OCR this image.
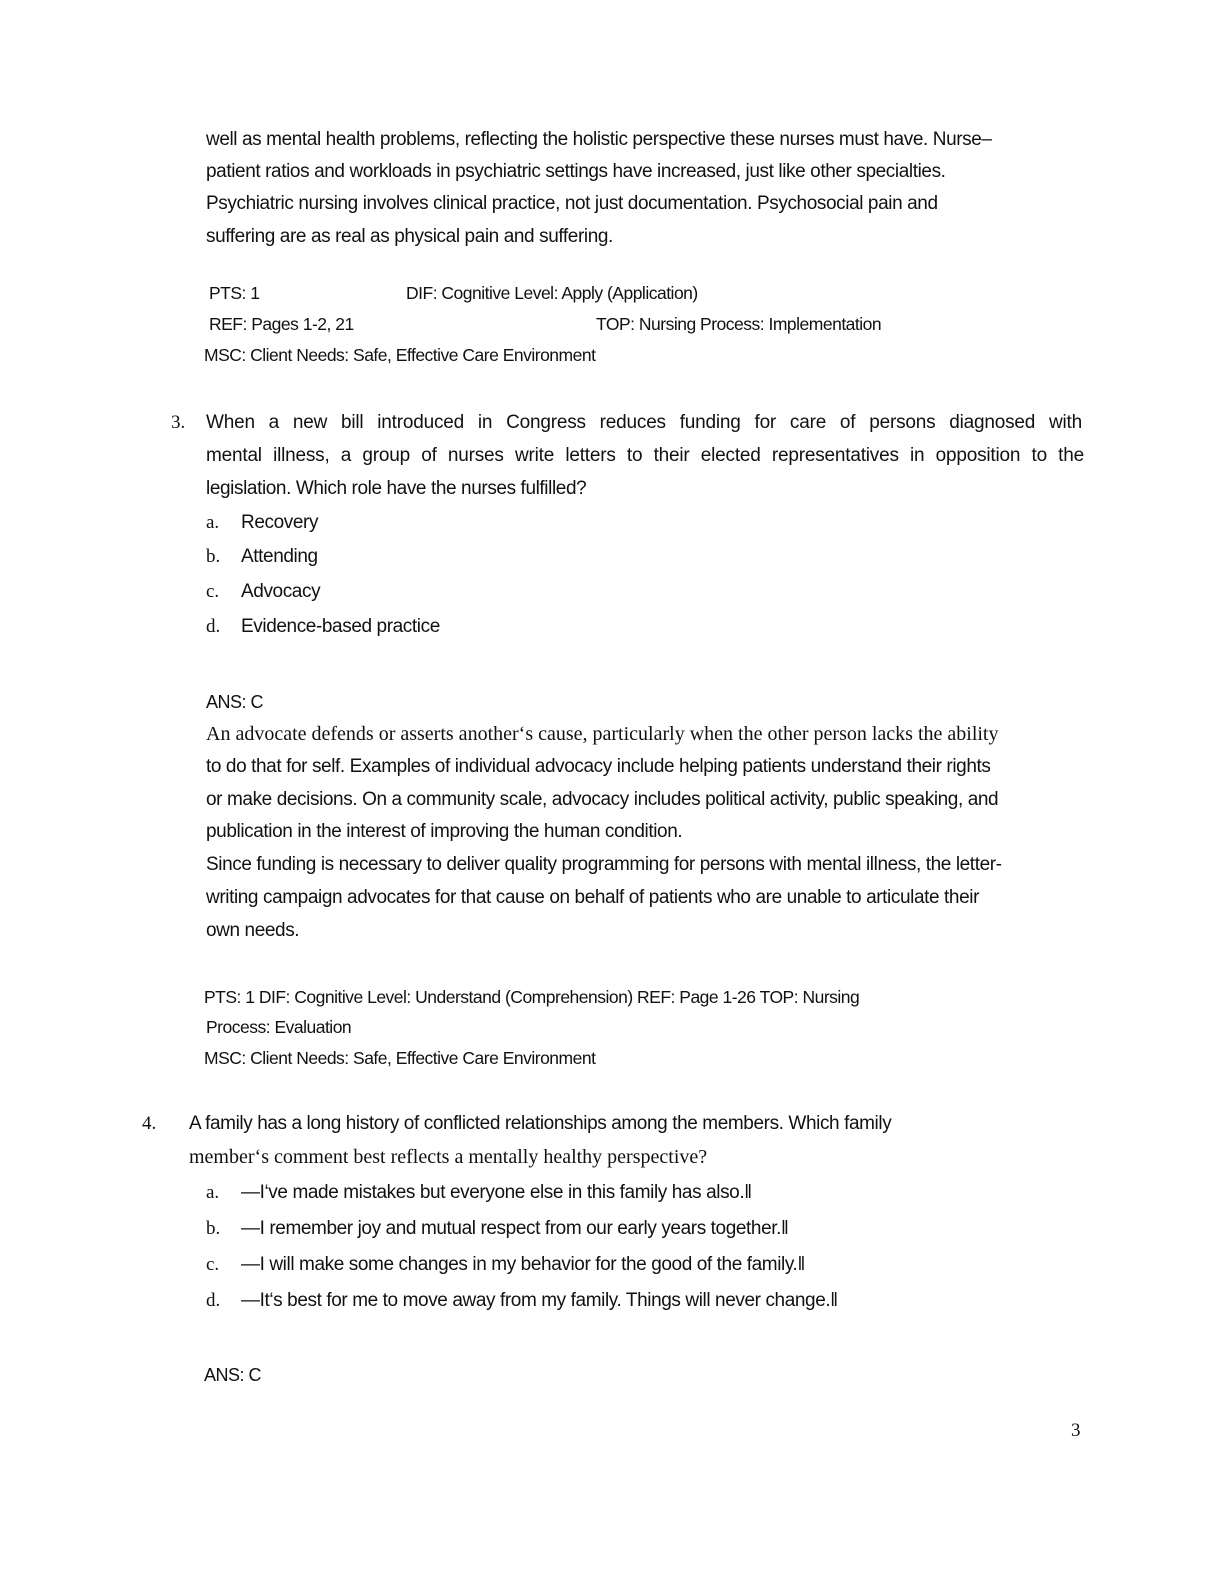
well as mental health problems, reflecting the holistic perspective these nurses must have. Nurse–
patient ratios and workloads in psychiatric settings have increased, just like other specialties.
Psychiatric nursing involves clinical practice, not just documentation. Psychosocial pain and
suffering are as real as physical pain and suffering.
PTS: 1	DIF: Cognitive Level: Apply (Application)
REF: Pages 1-2, 21	TOP: Nursing Process: Implementation
MSC: Client Needs: Safe, Effective Care Environment
3. When a new bill introduced in Congress reduces funding for care of persons diagnosed with
mental illness, a group of nurses write letters to their elected representatives in opposition to the
legislation. Which role have the nurses fulfilled?
a. Recovery
b. Attending
c. Advocacy
d. Evidence-based practice
ANS: C
An advocate defends or asserts another‘s cause, particularly when the other person lacks the ability
to do that for self. Examples of individual advocacy include helping patients understand their rights
or make decisions. On a community scale, advocacy includes political activity, public speaking, and
publication in the interest of improving the human condition.
Since funding is necessary to deliver quality programming for persons with mental illness, the letter-
writing campaign advocates for that cause on behalf of patients who are unable to articulate their
own needs.
PTS: 1 DIF: Cognitive Level: Understand (Comprehension) REF: Page 1-26 TOP: Nursing
Process: Evaluation
MSC: Client Needs: Safe, Effective Care Environment
4. A family has a long history of conflicted relationships among the members. Which family
member‘s comment best reflects a mentally healthy perspective?
a. —I‘ve made mistakes but everyone else in this family has also.‖
b. —I remember joy and mutual respect from our early years together.‖
c. —I will make some changes in my behavior for the good of the family.‖
d. —It‘s best for me to move away from my family. Things will never change.‖
ANS: C
3
